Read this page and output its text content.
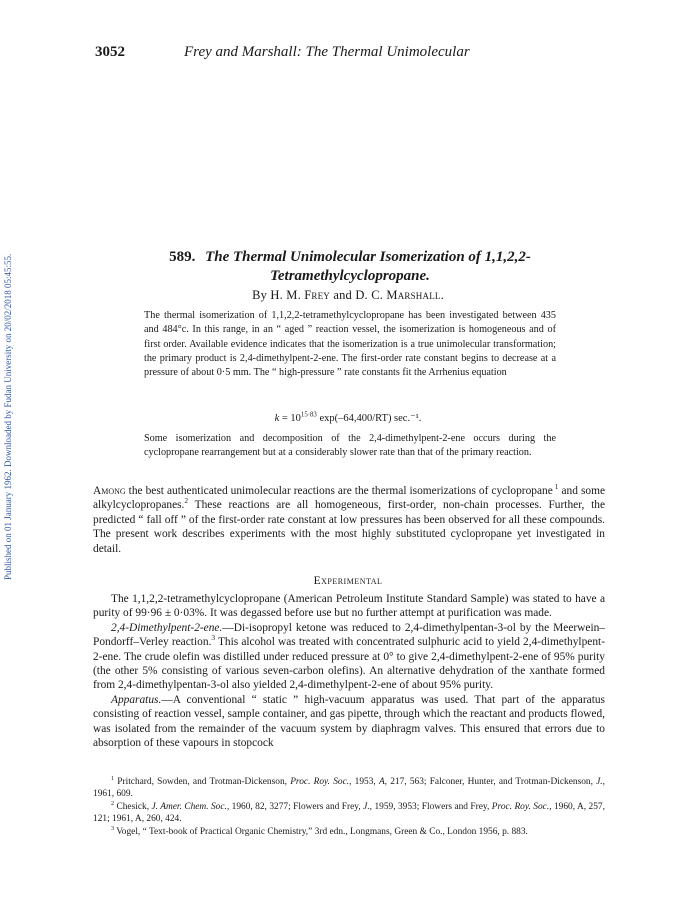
Published on 01 January 1962. Downloaded by Fudan University on 20/02/2018 05:45:55.
3052	Frey and Marshall: The Thermal Unimolecular
589. The Thermal Unimolecular Isomerization of 1,1,2,2-Tetramethylcyclopropane.
By H. M. Frey and D. C. Marshall.
The thermal isomerization of 1,1,2,2-tetramethylcyclopropane has been investigated between 435 and 484°c. In this range, in an “ aged ” reaction vessel, the isomerization is homogeneous and of first order. Available evidence indicates that the isomerization is a true unimolecular transformation; the primary product is 2,4-dimethylpent-2-ene. The first-order rate constant begins to decrease at a pressure of about 0·5 mm. The “ high-pressure ” rate constants fit the Arrhenius equation
$k = 10^{15\cdot 83}$ exp(–64,400/RT) sec.⁻¹.
Some isomerization and decomposition of the 2,4-dimethylpent-2-ene occurs during the cyclopropane rearrangement but at a considerably slower rate than that of the primary reaction.
Among the best authenticated unimolecular reactions are the thermal isomerizations of cyclopropane $^1$ and some alkylcyclopropanes.$^2$ These reactions are all homogeneous, first-order, non-chain processes. Further, the predicted “ fall off ” of the first-order rate constant at low pressures has been observed for all these compounds. The present work describes experiments with the most highly substituted cyclopropane yet investigated in detail.
Experimental

The 1,1,2,2-tetramethylcyclopropane (American Petroleum Institute Standard Sample) was stated to have a purity of 99·96 ± 0·03%. It was degassed before use but no further attempt at purification was made.

2,4-Dimethylpent-2-ene.—Di-isopropyl ketone was reduced to 2,4-dimethylpentan-3-ol by the Meerwein–Pondorff–Verley reaction.$^3$ This alcohol was treated with concentrated sulphuric acid to yield 2,4-dimethylpent-2-ene. The crude olefin was distilled under reduced pressure at 0° to give 2,4-dimethylpent-2-ene of 95% purity (the other 5% consisting of various seven-carbon olefins). An alternative dehydration of the xanthate formed from 2,4-dimethylpentan-3-ol also yielded 2,4-dimethylpent-2-ene of about 95% purity.

Apparatus.—A conventional “ static ” high-vacuum apparatus was used. That part of the apparatus consisting of reaction vessel, sample container, and gas pipette, through which the reactant and products flowed, was isolated from the remainder of the vacuum system by diaphragm valves. This ensured that errors due to absorption of these vapours in stopcock

$^1$ Pritchard, Sowden, and Trotman-Dickenson, Proc. Roy. Soc., 1953, A, 217, 563; Falconer, Hunter, and Trotman-Dickenson, J., 1961, 609.

$^2$ Chesick, J. Amer. Chem. Soc., 1960, 82, 3277; Flowers and Frey, J., 1959, 3953; Flowers and Frey, Proc. Roy. Soc., 1960, A, 257, 121; 1961, A, 260, 424.

$^3$ Vogel, “ Text-book of Practical Organic Chemistry,” 3rd edn., Longmans, Green & Co., London 1956, p. 883.
